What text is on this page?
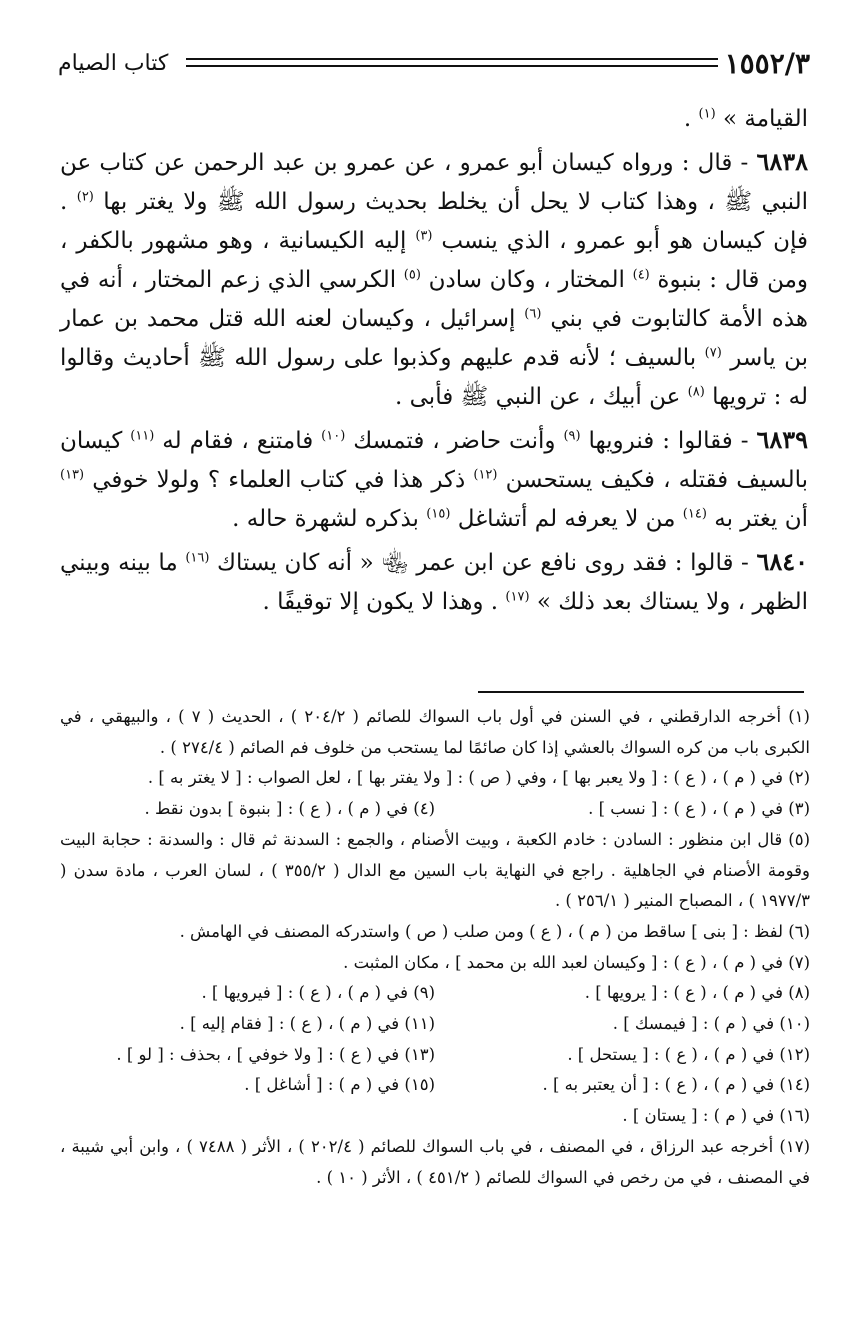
١٥٥٢/٣
كتاب الصيام

القيامة » $^{(١)}$ .

٦٨٣٨ - قال : ورواه كيسان أبو عمرو ، عن عمرو بن عبد الرحمن عن كتاب عن النبي ﷺ ، وهذا كتاب لا يحل أن يخلط بحديث رسول الله ﷺ ولا يغتر بها $^{(٢)}$ . فإن كيسان هو أبو عمرو ، الذي ينسب $^{(٣)}$ إليه الكيسانية ، وهو مشهور بالكفر ، ومن قال : بنبوة $^{(٤)}$ المختار ، وكان سادن $^{(٥)}$ الكرسي الذي زعم المختار ، أنه في هذه الأمة كالتابوت في بني $^{(٦)}$ إسرائيل ، وكيسان لعنه الله قتل محمد بن عمار بن ياسر $^{(٧)}$ بالسيف ؛ لأنه قدم عليهم وكذبوا على رسول الله ﷺ أحاديث وقالوا له : ترويها $^{(٨)}$ عن أبيك ، عن النبي ﷺ فأبى .

٦٨٣٩ - فقالوا : فنرويها $^{(٩)}$ وأنت حاضر ، فتمسك $^{(١٠)}$ فامتنع ، فقام له $^{(١١)}$ كيسان بالسيف فقتله ، فكيف يستحسن $^{(١٢)}$ ذكر هذا في كتاب العلماء ؟ ولولا خوفي $^{(١٣)}$ أن يغتر به $^{(١٤)}$ من لا يعرفه لم أتشاغل $^{(١٥)}$ بذكره لشهرة حاله .

٦٨٤٠ - قالوا : فقد روى نافع عن ابن عمر ﵄ « أنه كان يستاك $^{(١٦)}$ ما بينه وبيني الظهر ، ولا يستاك بعد ذلك » $^{(١٧)}$ . وهذا لا يكون إلا توقيفًا .

(١) أخرجه الدارقطني ، في السنن في أول باب السواك للصائم ( ٢٠٤/٢ ) ، الحديث ( ٧ ) ، والبيهقي ، في الكبرى باب من كره السواك بالعشي إذا كان صائمًا لما يستحب من خلوف فم الصائم ( ٢٧٤/٤ ) .

(٢) في ( م ) ، ( ع ) : [ ولا يعبر بها ] ، وفي ( ص ) : [ ولا يفتر بها ] ، لعل الصواب : [ لا يغتر به ] .

(٣) في ( م ) ، ( ع ) : [ نسب ] .
(٤) في ( م ) ، ( ع ) : [ بنبوة ] بدون نقط .

(٥) قال ابن منظور : السادن : خادم الكعبة ، وبيت الأصنام ، والجمع : السدنة ثم قال : والسدنة : حجابة البيت وقومة الأصنام في الجاهلية . راجع في النهاية باب السين مع الدال ( ٣٥٥/٢ ) ، لسان العرب ، مادة سدن ( ١٩٧٧/٣ ) ، المصباح المنير ( ٢٥٦/١ ) .

(٦) لفظ : [ بنى ] ساقط من ( م ) ، ( ع ) ومن صلب ( ص ) واستدركه المصنف في الهامش .

(٧) في ( م ) ، ( ع ) : [ وكيسان لعبد الله بن محمد ] ، مكان المثبت .

(٨) في ( م ) ، ( ع ) : [ يرويها ] .
(٩) في ( م ) ، ( ع ) : [ فيرويها ] .
(١٠) في ( م ) : [ فيمسك ] .
(١١) في ( م ) ، ( ع ) : [ فقام إليه ] .
(١٢) في ( م ) ، ( ع ) : [ يستحل ] .
(١٣) في ( ع ) : [ ولا خوفي ] ، بحذف : [ لو ] .
(١٤) في ( م ) ، ( ع ) : [ أن يعتبر به ] .
(١٥) في ( م ) : [ أشاغل ] .

(١٦) في ( م ) : [ يستان ] .

(١٧) أخرجه عبد الرزاق ، في المصنف ، في باب السواك للصائم ( ٢٠٢/٤ ) ، الأثر ( ٧٤٨٨ ) ، وابن أبي شيبة ، في المصنف ، في من رخص في السواك للصائم ( ٤٥١/٢ ) ، الأثر ( ١٠ ) .
